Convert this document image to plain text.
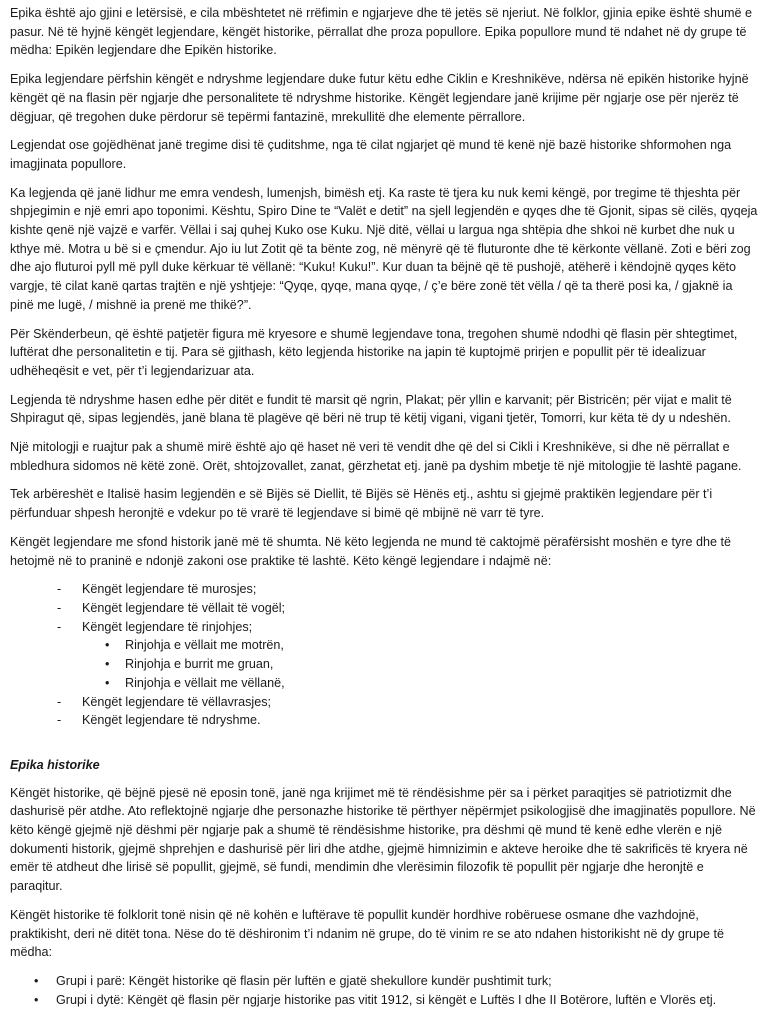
Epika është ajo gjini e letërsisë, e cila mbështetet në rrëfimin e ngjarjeve dhe të jetës së njeriut. Në folklor, gjinia epike është shumë e pasur. Në të hyjnë këngët legjendare, këngët historike, përrallat dhe proza popullore. Epika popullore mund të ndahet në dy grupe të mëdha: Epikën legjendare dhe Epikën historike.

Epika legjendare përfshin këngët e ndryshme legjendare duke futur këtu edhe Ciklin e Kreshnikëve, ndërsa në epikën historike hyjnë këngët që na flasin për ngjarje dhe personalitete të ndryshme historike. Këngët legjendare janë krijime për ngjarje ose për njerëz të dëgjuar, që tregohen duke përdorur së tepërmi fantazinë, mrekullitë dhe elemente përrallore.

Legjendat ose gojëdhënat janë tregime disi të çuditshme, nga të cilat ngjarjet që mund të kenë një bazë historike shformohen nga imagjinata popullore.

Ka legjenda që janë lidhur me emra vendesh, lumenjsh, bimësh etj. Ka raste të tjera ku nuk kemi këngë, por tregime të thjeshta për shpjegimin e një emri apo toponimi. Kështu, Spiro Dine te “Valët e detit” na sjell legjendën e qyqes dhe të Gjonit, sipas së cilës, qyqeja kishte qenë një vajzë e varfër. Vëllai i saj quhej Kuko ose Kuku. Një ditë, vëllai u largua nga shtëpia dhe shkoi në kurbet dhe nuk u kthye më. Motra u bë si e çmendur. Ajo iu lut Zotit që ta bënte zog, në mënyrë që të fluturonte dhe të kërkonte vëllanë. Zoti e bëri zog dhe ajo fluturoi pyll më pyll duke kërkuar të vëllanë: “Kuku! Kuku!”. Kur duan ta bëjnë që të pushojë, atëherë i këndojnë qyqes këto vargje, të cilat kanë qartas trajtën e një yshtjeje: “Qyqe, qyqe, mana qyqe, / ç’e bëre zonë tët vëlla / që ta therë posi ka, / gjaknë ia pinë me lugë, / mishnë ia prenë me thikë?”.

Për Skënderbeun, që është patjetër figura më kryesore e shumë legjendave tona, tregohen shumë ndodhi që flasin për shtegtimet, luftërat dhe personalitetin e tij. Para së gjithash, këto legjenda historike na japin të kuptojmë prirjen e popullit për të idealizuar udhëheqësit e vet, për t’i legjendarizuar ata.

Legjenda të ndryshme hasen edhe për ditët e fundit të marsit që ngrin, Plakat; për yllin e karvanit; për Bistricën; për vijat e malit të Shpiragut që, sipas legjendës, janë blana të plagëve që bëri në trup të këtij vigani, vigani tjetër, Tomorri, kur këta të dy u ndeshën.

Një mitologji e ruajtur pak a shumë mirë është ajo që haset në veri të vendit dhe që del si Cikli i Kreshnikëve, si dhe në përrallat e mbledhura sidomos në këtë zonë. Orët, shtojzovallet, zanat, gërzhetat etj. janë pa dyshim mbetje të një mitologjie të lashtë pagane.

Tek arbëreshët e Italisë hasim legjendën e së Bijës së Diellit, të Bijës së Hënës etj., ashtu si gjejmë praktikën legjendare për t’i përfunduar shpesh heronjtë e vdekur po të vrarë të legjendave si bimë që mbijnë në varr të tyre.

Këngët legjendare me sfond historik janë më të shumta. Në këto legjenda ne mund të caktojmë përafërsisht moshën e tyre dhe të hetojmë në to praninë e ndonjë zakoni ose praktike të lashtë. Këto këngë legjendare i ndajmë në:

- Këngët legjendare të murosjes;
- Këngët legjendare të vëllait të vogël;
- Këngët legjendare të rinjohjes;
• Rinjohja e vëllait me motrën,
• Rinjohja e burrit me gruan,
• Rinjohja e vëllait me vëllanë,
- Këngët legjendare të vëllavrasjes;
- Këngët legjendare të ndryshme.

Epika historike

Këngët historike, që bëjnë pjesë në eposin tonë, janë nga krijimet më të rëndësishme për sa i përket paraqitjes së patriotizmit dhe dashurisë për atdhe. Ato reflektojnë ngjarje dhe personazhe historike të përthyer nëpërmjet psikologjisë dhe imagjinatës popullore. Në këto këngë gjejmë një dëshmi për ngjarje pak a shumë të rëndësishme historike, pra dëshmi që mund të kenë edhe vlerën e një dokumenti historik, gjejmë shprehjen e dashurisë për liri dhe atdhe, gjejmë himnizimin e akteve heroike dhe të sakrificës të kryera në emër të atdheut dhe lirisë së popullit, gjejmë, së fundi, mendimin dhe vlerësimin filozofik të popullit për ngjarje dhe heronjtë e paraqitur.

Këngët historike të folklorit tonë nisin që në kohën e luftërave të popullit kundër hordhive robëruese osmane dhe vazhdojnë, praktikisht, deri në ditët tona. Nëse do të dëshironim t’i ndanim në grupe, do të vinim re se ato ndahen historikisht në dy grupe të mëdha:

• Grupi i parë: Këngët historike që flasin për luftën e gjatë shekullore kundër pushtimit turk;
• Grupi i dytë: Këngët që flasin për ngjarje historike pas vitit 1912, si këngët e Luftës I dhe II Botërore, luftën e Vlorës etj.
